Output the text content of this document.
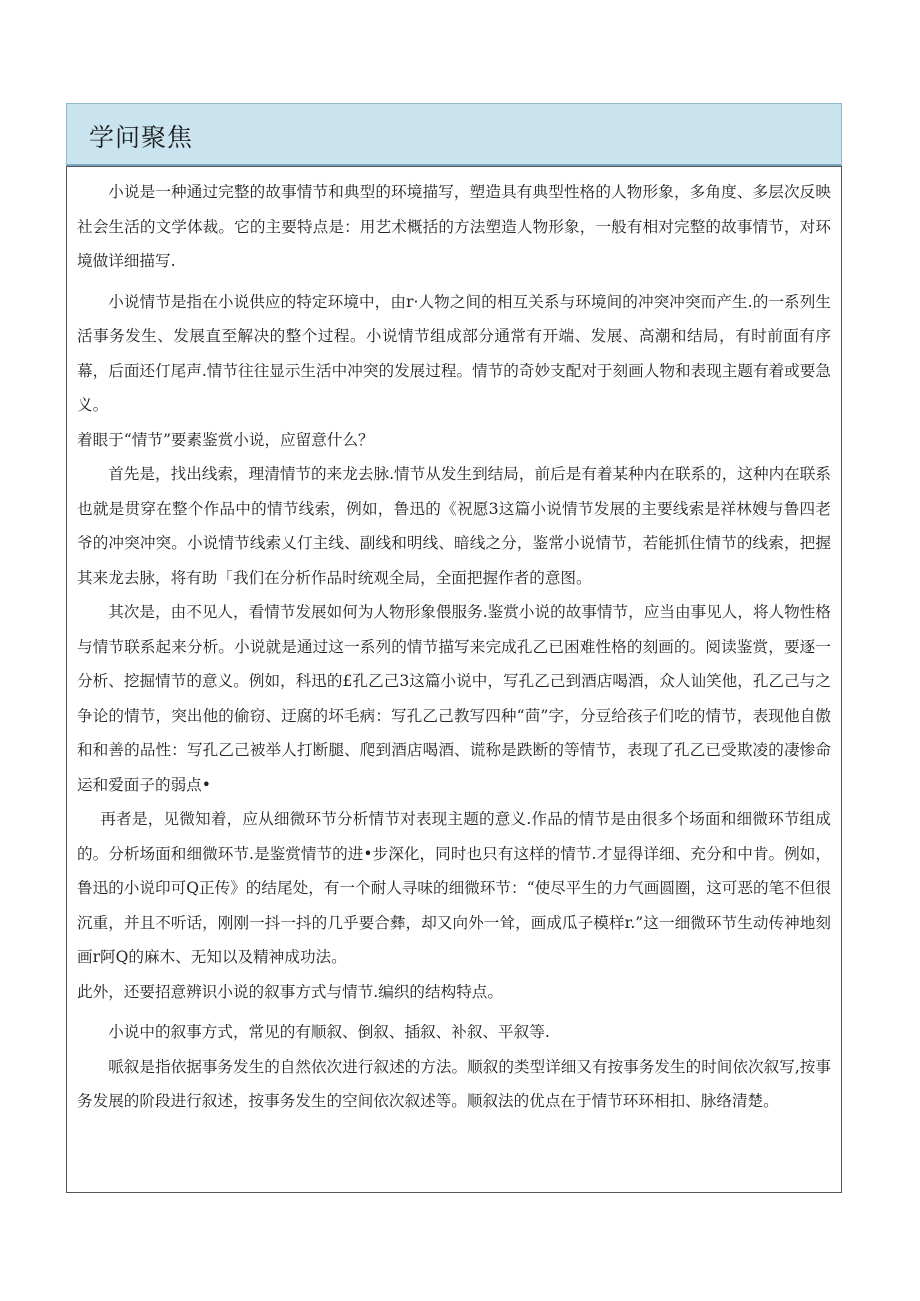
学问聚焦

小说是一种通过完整的故事情节和典型的环境描写，塑造具有典型性格的人物形象，多角度、多层次反映社会生活的文学体裁。它的主要特点是：用艺术概括的方法塑造人物形象，一般有相对完整的故事情节，对环境做详细描写.

小说情节是指在小说供应的特定环境中，由r·人物之间的相互关系与环境间的冲突冲突而产生.的一系列生活事务发生、发展直至解决的整个过程。小说情节组成部分通常有开端、发展、高潮和结局，有时前面有序幕，后面还仃尾声.情节往往显示生活中冲突的发展过程。情节的奇妙支配对于刻画人物和表现主题有着或要急义。

着眼于“情节”要素鉴赏小说，应留意什么？

首先是，找出线索，理清情节的来龙去脉.情节从发生到结局，前后是有着某种内在联系的，这种内在联系也就是贯穿在整个作品中的情节线索，例如，鲁迅的《祝愿3这篇小说情节发展的主要线索是祥林嫂与鲁四老爷的冲突冲突。小说情节线索乂仃主线、副线和明线、暗线之分，鉴常小说情节，若能抓住情节的线索，把握其来龙去脉，将有助「我们在分析作品时统观全局，全面把握作者的意图。

其次是，由不见人，看情节发展如何为人物形象偎服务.鉴赏小说的故事情节，应当由事见人，将人物性格与情节联系起来分析。小说就是通过这一系列的情节描写来完成孔乙已困难性格的刻画的。阅读鉴赏，要逐一分析、挖掘情节的意义。例如，科迅的£孔乙己3这篇小说中，写孔乙己到酒店喝酒，众人讪笑他，孔乙己与之争论的情节，突出他的偷窃、迂腐的坏毛病：写孔乙己教写四种“茴”字，分豆给孩子们吃的情节，表现他自傲和和善的品性：写孔乙己被举人打断腿、爬到酒店喝酒、谎称是跌断的等情节，表现了孔乙已受欺凌的凄惨命运和爱面子的弱点•

再者是，见微知着，应从细微环节分析情节对表现主题的意义.作品的情节是由很多个场面和细微环节组成的。分析场面和细微环节.是鉴赏情节的进•步深化，同时也只有这样的情节.才显得详细、充分和中肯。例如，鲁迅的小说印可Q正传》的结尾处，有一个耐人寻味的细微环节：“使尽平生的力气画圆圈，这可恶的笔不但很沉重，并且不听话，刚刚一抖一抖的几乎要合彝，却又向外一耸，画成瓜子模样r.”这一细微环节生动传神地刻画r阿Q的麻木、无知以及精神成功法。

此外，还要招意辨识小说的叙事方式与情节.编织的结构特点。

小说中的叙事方式，常见的有顺叙、倒叙、插叙、补叙、平叙等.

哌叙是指依据事务发生的自然依次进行叙述的方法。顺叙的类型详细又有按事务发生的时间依次叙写,按事务发展的阶段进行叙述，按事务发生的空间依次叙述等。顺叙法的优点在于情节环环相扣、脉络清楚。
